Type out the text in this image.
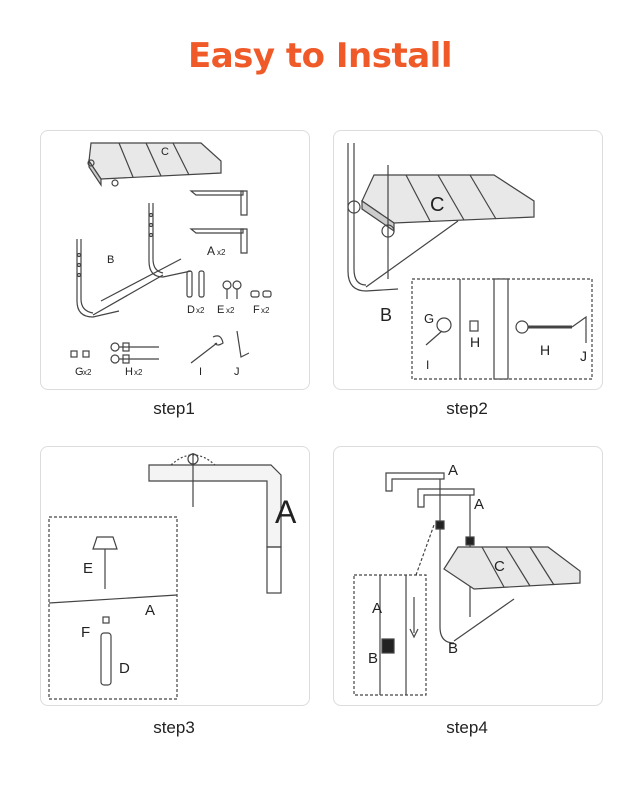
Easy to Install
C
A x2
B
D x2 E x2 F x2
G x2	H x2	I	J
step1
C
B G
H	H
I
J
step2
A
E
A
F
D
step3
A
A
C
B
A
B
step4
